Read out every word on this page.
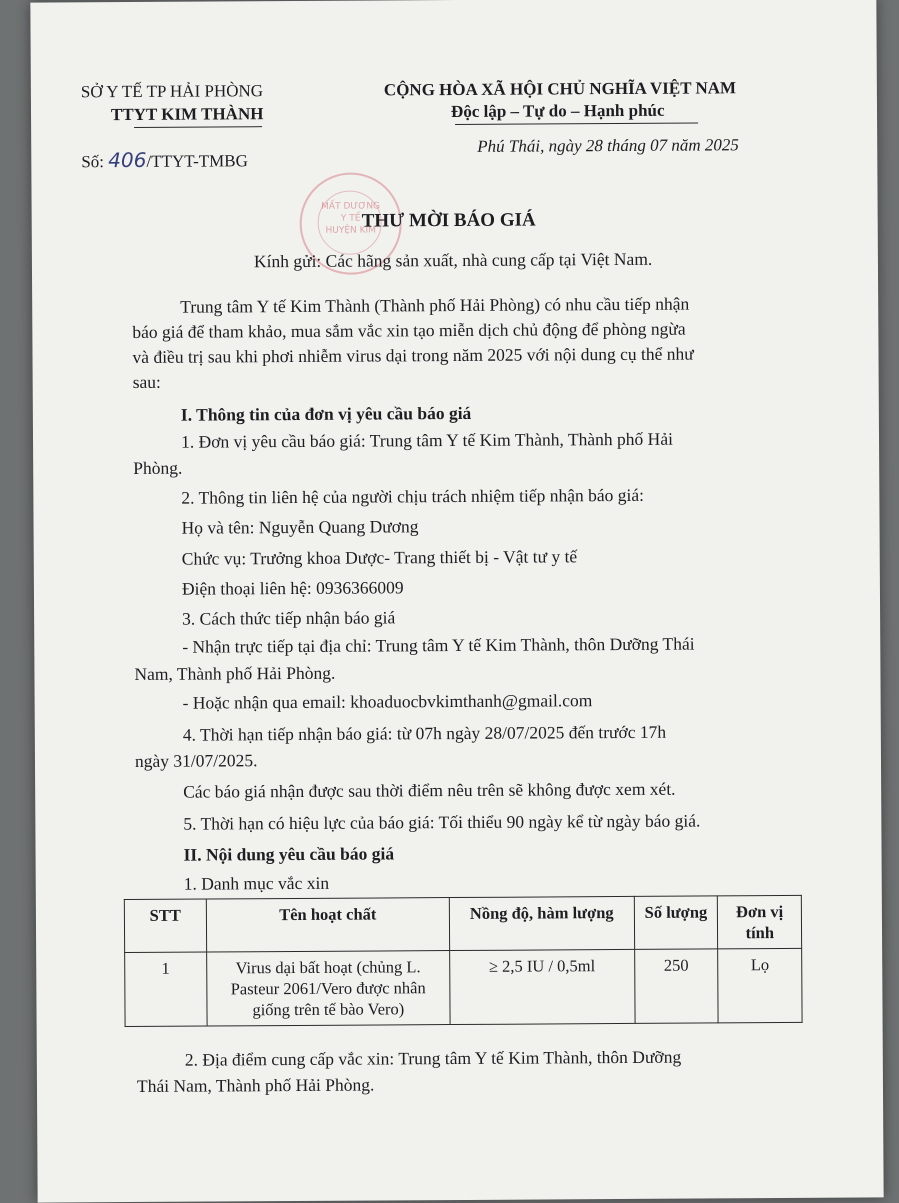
SỞ Y TẾ TP HẢI PHÒNG
TTYT KIM THÀNH
CỘNG HÒA XÃ HỘI CHỦ NGHĨA VIỆT NAM
Độc lập – Tự do – Hạnh phúc
Số: 406/TTYT-TMBG
Phú Thái, ngày 28 tháng 07 năm 2025
MẤT DƯƠNG
Y TẾ
HUYỆN KIM
THƯ MỜI BÁO GIÁ
Kính gửi: Các hãng sản xuất, nhà cung cấp tại Việt Nam.
Trung tâm Y tế Kim Thành (Thành phố Hải Phòng) có nhu cầu tiếp nhận
báo giá để tham khảo, mua sắm vắc xin tạo miễn dịch chủ động để phòng ngừa
và điều trị sau khi phơi nhiễm virus dại trong năm 2025 với nội dung cụ thể như
sau:
I. Thông tin của đơn vị yêu cầu báo giá
1. Đơn vị yêu cầu báo giá: Trung tâm Y tế Kim Thành, Thành phố Hải
Phòng.
2. Thông tin liên hệ của người chịu trách nhiệm tiếp nhận báo giá:
Họ và tên: Nguyễn Quang Dương
Chức vụ: Trưởng khoa Dược- Trang thiết bị - Vật tư y tế
Điện thoại liên hệ: 0936366009
3. Cách thức tiếp nhận báo giá
- Nhận trực tiếp tại địa chỉ: Trung tâm Y tế Kim Thành, thôn Dưỡng Thái
Nam, Thành phố Hải Phòng.
- Hoặc nhận qua email: khoaduocbvkimthanh@gmail.com
4. Thời hạn tiếp nhận báo giá: từ 07h ngày 28/07/2025 đến trước 17h
ngày 31/07/2025.
Các báo giá nhận được sau thời điểm nêu trên sẽ không được xem xét.
5. Thời hạn có hiệu lực của báo giá: Tối thiểu 90 ngày kể từ ngày báo giá.
II. Nội dung yêu cầu báo giá
1. Danh mục vắc xin
STT	Tên hoạt chất	Nồng độ, hàm lượng	Số lượng	Đơn vị tính
1	Virus dại bất hoạt (chủng L. Pasteur 2061/Vero được nhân giống trên tế bào Vero)	≥ 2,5 IU / 0,5ml	250	Lọ
2. Địa điểm cung cấp vắc xin: Trung tâm Y tế Kim Thành, thôn Dưỡng
Thái Nam, Thành phố Hải Phòng.
